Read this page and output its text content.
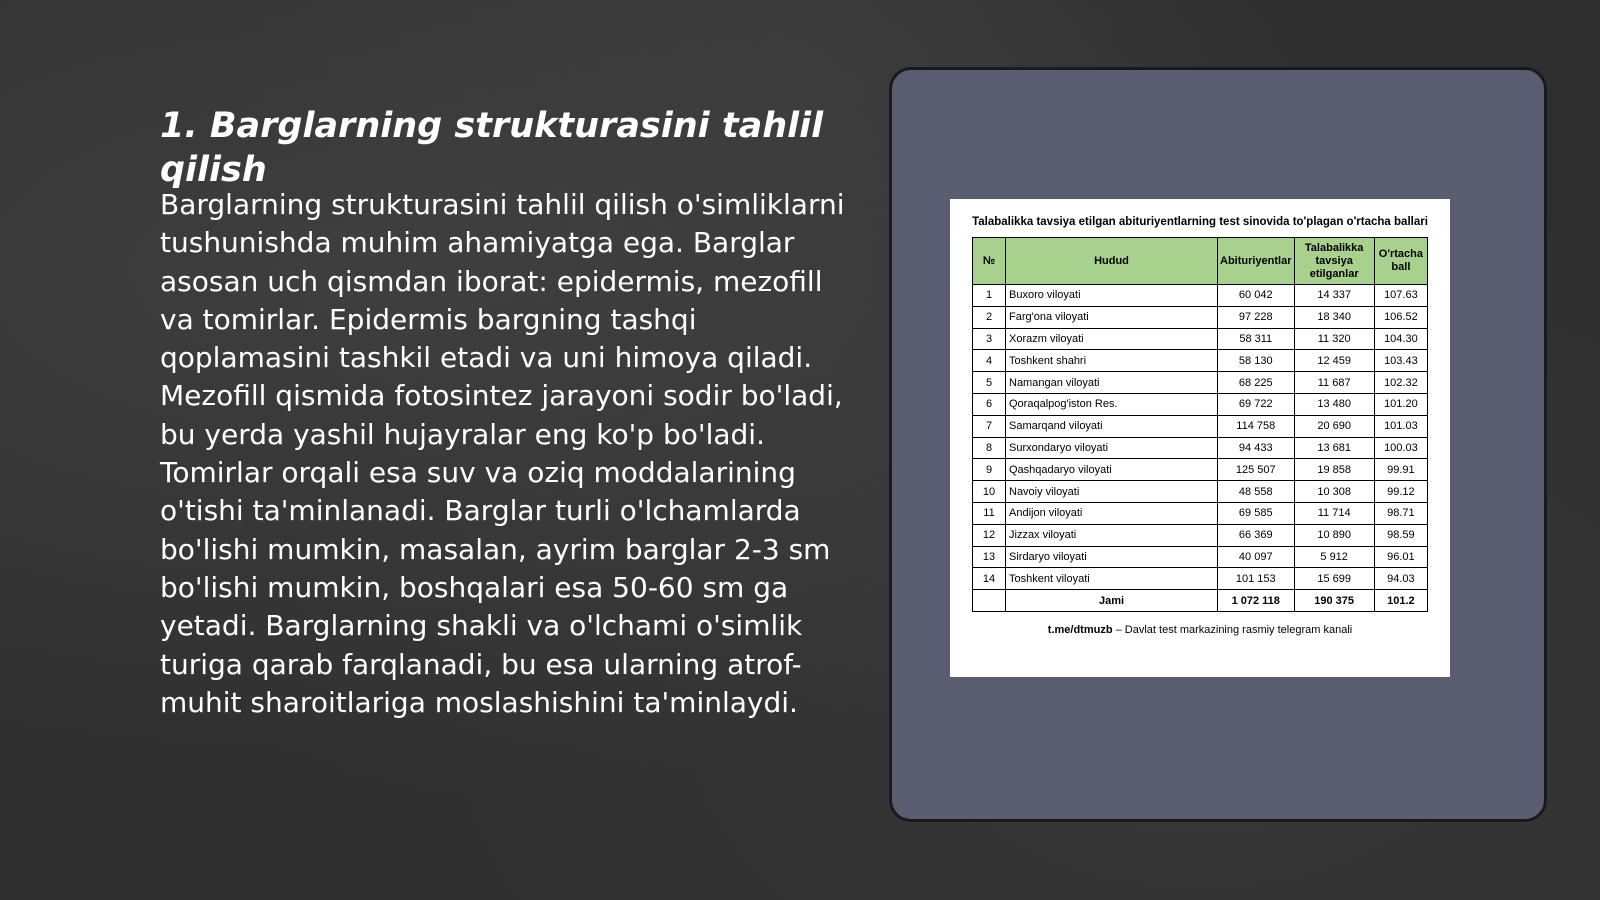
1. Barglarning strukturasini tahlil qilish

Barglarning strukturasini tahlil qilish o'simliklarni tushunishda muhim ahamiyatga ega. Barglar asosan uch qismdan iborat: epidermis, mezofill va tomirlar. Epidermis bargning tashqi qoplamasini tashkil etadi va uni himoya qiladi. Mezofill qismida fotosintez jarayoni sodir bo'ladi, bu yerda yashil hujayralar eng ko'p bo'ladi. Tomirlar orqali esa suv va oziq moddalarining o'tishi ta'minlanadi. Barglar turli o'lchamlarda bo'lishi mumkin, masalan, ayrim barglar 2-3 sm bo'lishi mumkin, boshqalari esa 50-60 sm ga yetadi. Barglarning shakli va o'lchami o'simlik turiga qarab farqlanadi, bu esa ularning atrof-muhit sharoitlariga moslashishini ta'minlaydi.

Talabalikka tavsiya etilgan abituriyentlarning test sinovida to'plagan o'rtacha ballari
№	Hudud	Abituriyentlar	Talabalikka tavsiya etilganlar	O'rtacha ball
1	Buxoro viloyati	60 042	14 337	107.63
2	Farg'ona viloyati	97 228	18 340	106.52
3	Xorazm viloyati	58 311	11 320	104.30
4	Toshkent shahri	58 130	12 459	103.43
5	Namangan viloyati	68 225	11 687	102.32
6	Qoraqalpog'iston Res.	69 722	13 480	101.20
7	Samarqand viloyati	114 758	20 690	101.03
8	Surxondaryo viloyati	94 433	13 681	100.03
9	Qashqadaryo viloyati	125 507	19 858	99.91
10	Navoiy viloyati	48 558	10 308	99.12
11	Andijon viloyati	69 585	11 714	98.71
12	Jizzax viloyati	66 369	10 890	98.59
13	Sirdaryo viloyati	40 097	5 912	96.01
14	Toshkent viloyati	101 153	15 699	94.03
	Jami	1 072 118	190 375	101.2
t.me/dtmuzb – Davlat test markazining rasmiy telegram kanali
